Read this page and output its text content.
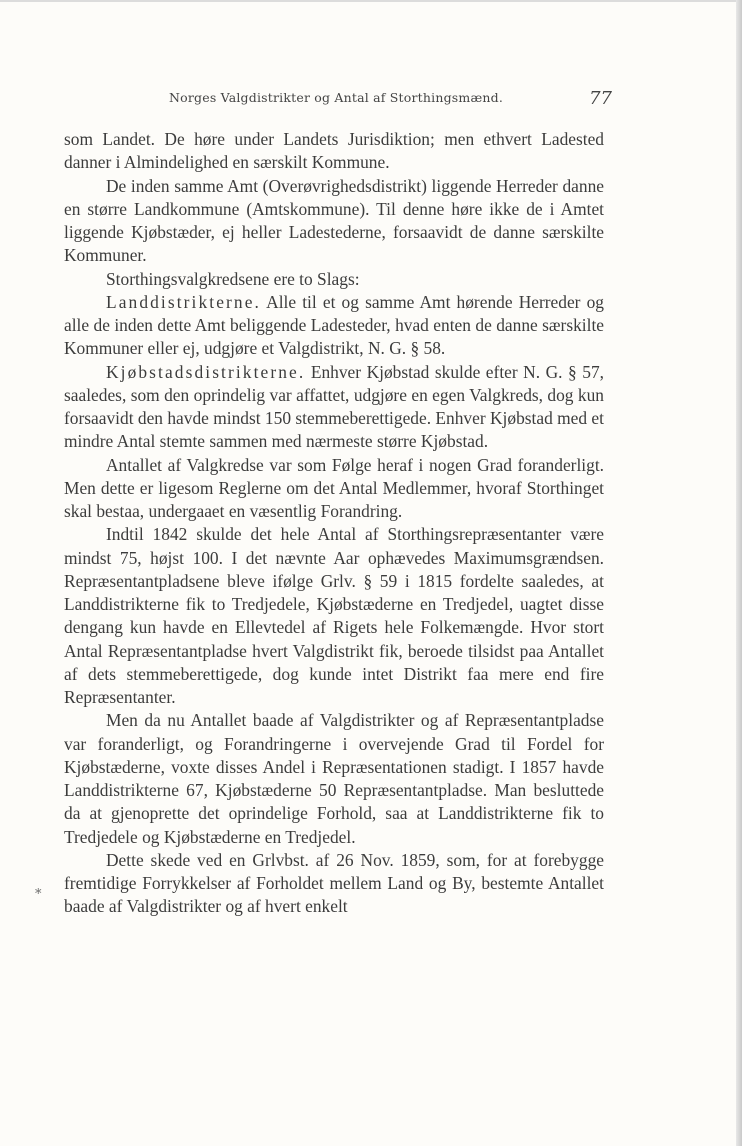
Norges Valgdistrikter og Antal af Storthingsmænd.	77

som Landet. De høre under Landets Jurisdiktion; men ethvert Ladested danner i Almindelighed en særskilt Kommune.

De inden samme Amt (Overøvrighedsdistrikt) liggende Herreder danne en større Landkommune (Amtskommune). Til denne høre ikke de i Amtet liggende Kjøbstæder, ej heller Ladestederne, forsaavidt de danne særskilte Kommuner.

Storthingsvalgkredsene ere to Slags:

Landdistrikterne. Alle til et og samme Amt hørende Herreder og alle de inden dette Amt beliggende Ladesteder, hvad enten de danne særskilte Kommuner eller ej, udgjøre et Valgdistrikt, N. G. § 58.

Kjøbstadsdistrikterne. Enhver Kjøbstad skulde efter N. G. § 57, saaledes, som den oprindelig var affattet, udgjøre en egen Valgkreds, dog kun forsaavidt den havde mindst 150 stemmeberettigede. Enhver Kjøbstad med et mindre Antal stemte sammen med nærmeste større Kjøbstad.

Antallet af Valgkredse var som Følge heraf i nogen Grad foranderligt. Men dette er ligesom Reglerne om det Antal Medlemmer, hvoraf Storthinget skal bestaa, undergaaet en væsentlig Forandring.

Indtil 1842 skulde det hele Antal af Storthingsrepræsentanter være mindst 75, højst 100. I det nævnte Aar ophævedes Maximumsgrændsen. Repræsentantpladsene bleve ifølge Grlv. § 59 i 1815 fordelte saaledes, at Landdistrikterne fik to Tredjedele, Kjøbstæderne en Tredjedel, uagtet disse dengang kun havde en Ellevtedel af Rigets hele Folkemængde. Hvor stort Antal Repræsentantpladse hvert Valgdistrikt fik, beroede tilsidst paa Antallet af dets stemmeberettigede, dog kunde intet Distrikt faa mere end fire Repræsentanter.

Men da nu Antallet baade af Valgdistrikter og af Repræsentantpladse var foranderligt, og Forandringerne i overvejende Grad til Fordel for Kjøbstæderne, voxte disses Andel i Repræsentationen stadigt. I 1857 havde Landdistrikterne 67, Kjøbstæderne 50 Repræsentantpladse. Man besluttede da at gjenoprette det oprindelige Forhold, saa at Landdistrikterne fik to Tredjedele og Kjøbstæderne en Tredjedel.

Dette skede ved en Grlvbst. af 26 Nov. 1859, som, for at forebygge fremtidige Forrykkelser af Forholdet mellem Land og By, bestemte Antallet baade af Valgdistrikter og af hvert enkelt

*
